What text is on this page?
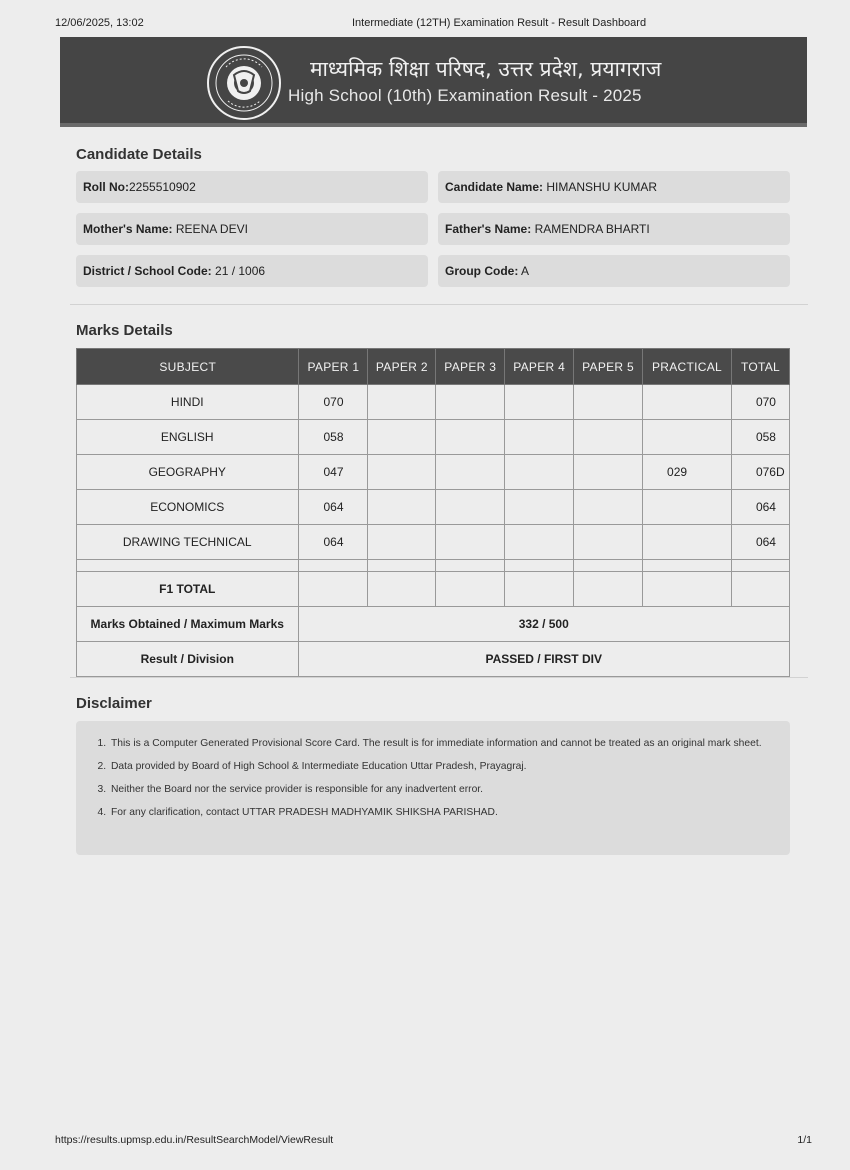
12/06/2025, 13:02	Intermediate (12TH) Examination Result - Result Dashboard
माध्यमिक शिक्षा परिषद, उत्तर प्रदेश, प्रयागराज
High School (10th) Examination Result - 2025
Candidate Details
Roll No:2255510902	Candidate Name: HIMANSHU KUMAR
Mother's Name: REENA DEVI	Father's Name: RAMENDRA BHARTI
District / School Code: 21 / 1006	Group Code: A
Marks Details
SUBJECT	PAPER 1	PAPER 2	PAPER 3	PAPER 4	PAPER 5	PRACTICAL	TOTAL
HINDI	070						070
ENGLISH	058						058
GEOGRAPHY	047					029	076D
ECONOMICS	064						064
DRAWING TECHNICAL	064						064

F1 TOTAL							
Marks Obtained / Maximum Marks	332 / 500						
Result / Division	PASSED / FIRST DIV						
Disclaimer
1. This is a Computer Generated Provisional Score Card. The result is for immediate information and cannot be treated as an original mark sheet.
2. Data provided by Board of High School & Intermediate Education Uttar Pradesh, Prayagraj.
3. Neither the Board nor the service provider is responsible for any inadvertent error.
4. For any clarification, contact UTTAR PRADESH MADHYAMIK SHIKSHA PARISHAD.
https://results.upmsp.edu.in/ResultSearchModel/ViewResult	1/1
